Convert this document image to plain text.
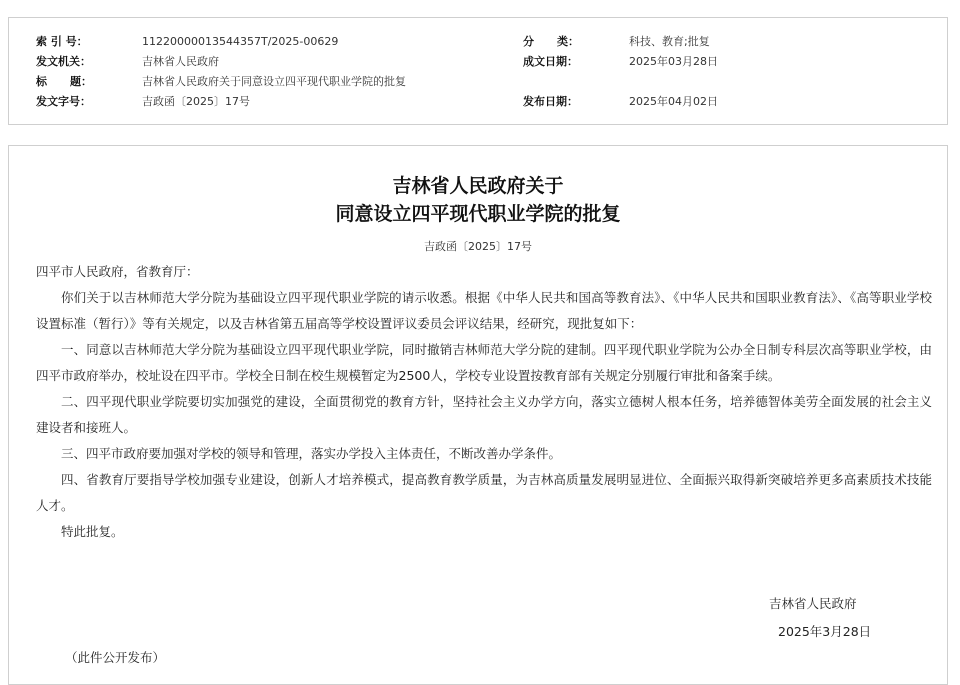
索 引 号：	11220000013544357T/2025-00629	分      类：	科技、教育;批复
发文机关：	吉林省人民政府	成文日期：	2025年03月28日
标      题：	吉林省人民政府关于同意设立四平现代职业学院的批复
发文字号：	吉政函〔2025〕17号	发布日期：	2025年04月02日
吉林省人民政府关于
同意设立四平现代职业学院的批复
吉政函〔2025〕17号

四平市人民政府，省教育厅：

你们关于以吉林师范大学分院为基础设立四平现代职业学院的请示收悉。根据《中华人民共和国高等教育法》、《中华人民共和国职业教育法》、《高等职业学校设置标准（暂行）》等有关规定，以及吉林省第五届高等学校设置评议委员会评议结果，经研究，现批复如下：

一、同意以吉林师范大学分院为基础设立四平现代职业学院，同时撤销吉林师范大学分院的建制。四平现代职业学院为公办全日制专科层次高等职业学校，由四平市政府举办，校址设在四平市。学校全日制在校生规模暂定为2500人，学校专业设置按教育部有关规定分别履行审批和备案手续。

二、四平现代职业学院要切实加强党的建设，全面贯彻党的教育方针，坚持社会主义办学方向，落实立德树人根本任务，培养德智体美劳全面发展的社会主义建设者和接班人。

三、四平市政府要加强对学校的领导和管理，落实办学投入主体责任，不断改善办学条件。

四、省教育厅要指导学校加强专业建设，创新人才培养模式，提高教育教学质量，为吉林高质量发展明显进位、全面振兴取得新突破培养更多高素质技术技能人才。

特此批复。

吉林省人民政府
2025年3月28日
（此件公开发布）
